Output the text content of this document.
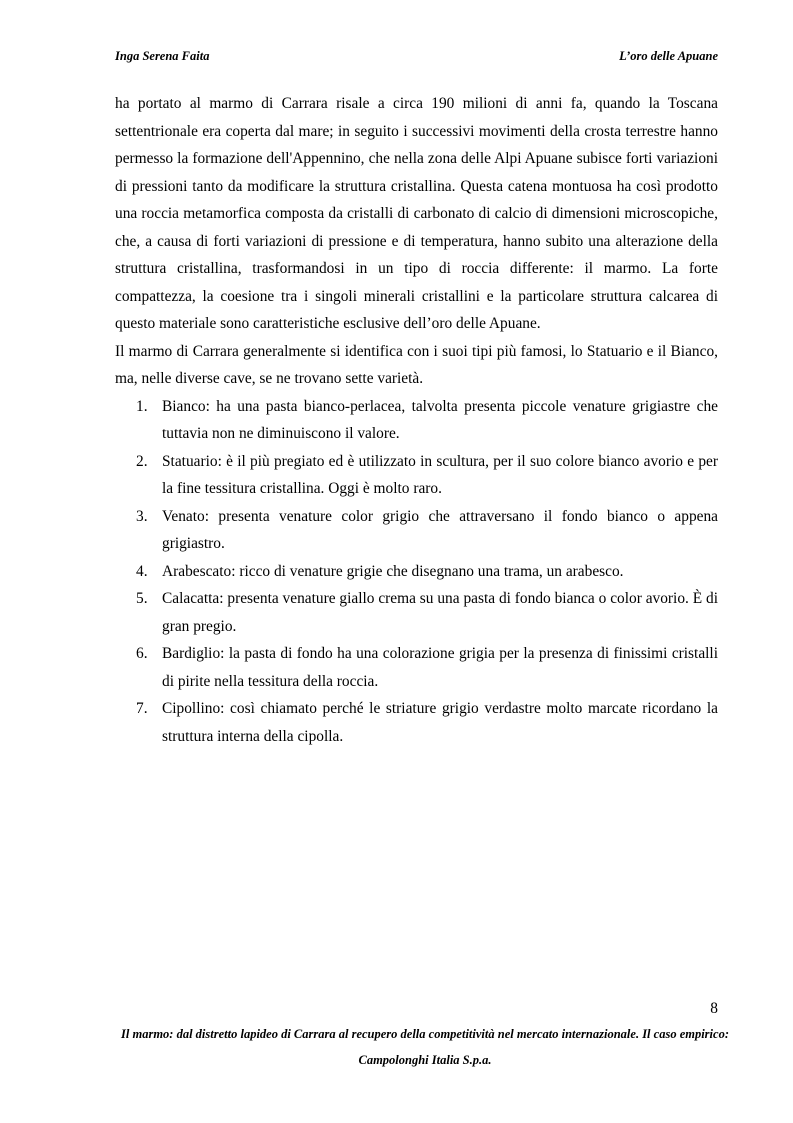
Inga Serena Faita	L’oro delle Apuane

ha portato al marmo di Carrara risale a circa 190 milioni di anni fa, quando la Toscana settentrionale era coperta dal mare; in seguito i successivi movimenti della crosta terrestre hanno permesso la formazione dell'Appennino, che nella zona delle Alpi Apuane subisce forti variazioni di pressioni tanto da modificare la struttura cristallina. Questa catena montuosa ha così prodotto una roccia metamorfica composta da cristalli di carbonato di calcio di dimensioni microscopiche, che, a causa di forti variazioni di pressione e di temperatura, hanno subito una alterazione della struttura cristallina, trasformandosi in un tipo di roccia differente: il marmo. La forte compattezza, la coesione tra i singoli minerali cristallini e la particolare struttura calcarea di questo materiale sono caratteristiche esclusive dell’oro delle Apuane.

Il marmo di Carrara generalmente si identifica con i suoi tipi più famosi, lo Statuario e il Bianco, ma, nelle diverse cave, se ne trovano sette varietà.

1. Bianco: ha una pasta bianco-perlacea, talvolta presenta piccole venature grigiastre che tuttavia non ne diminuiscono il valore.
2. Statuario: è il più pregiato ed è utilizzato in scultura, per il suo colore bianco avorio e per la fine tessitura cristallina. Oggi è molto raro.
3. Venato: presenta venature color grigio che attraversano il fondo bianco o appena grigiastro.
4. Arabescato: ricco di venature grigie che disegnano una trama, un arabesco.
5. Calacatta: presenta venature giallo crema su una pasta di fondo bianca o color avorio. È di gran pregio.
6. Bardiglio: la pasta di fondo ha una colorazione grigia per la presenza di finissimi cristalli di pirite nella tessitura della roccia.
7. Cipollino: così chiamato perché le striature grigio verdastre molto marcate ricordano la struttura interna della cipolla.
8
Il marmo: dal distretto lapideo di Carrara al recupero della competitività nel mercato internazionale. Il caso empirico:
Campolonghi Italia S.p.a.
